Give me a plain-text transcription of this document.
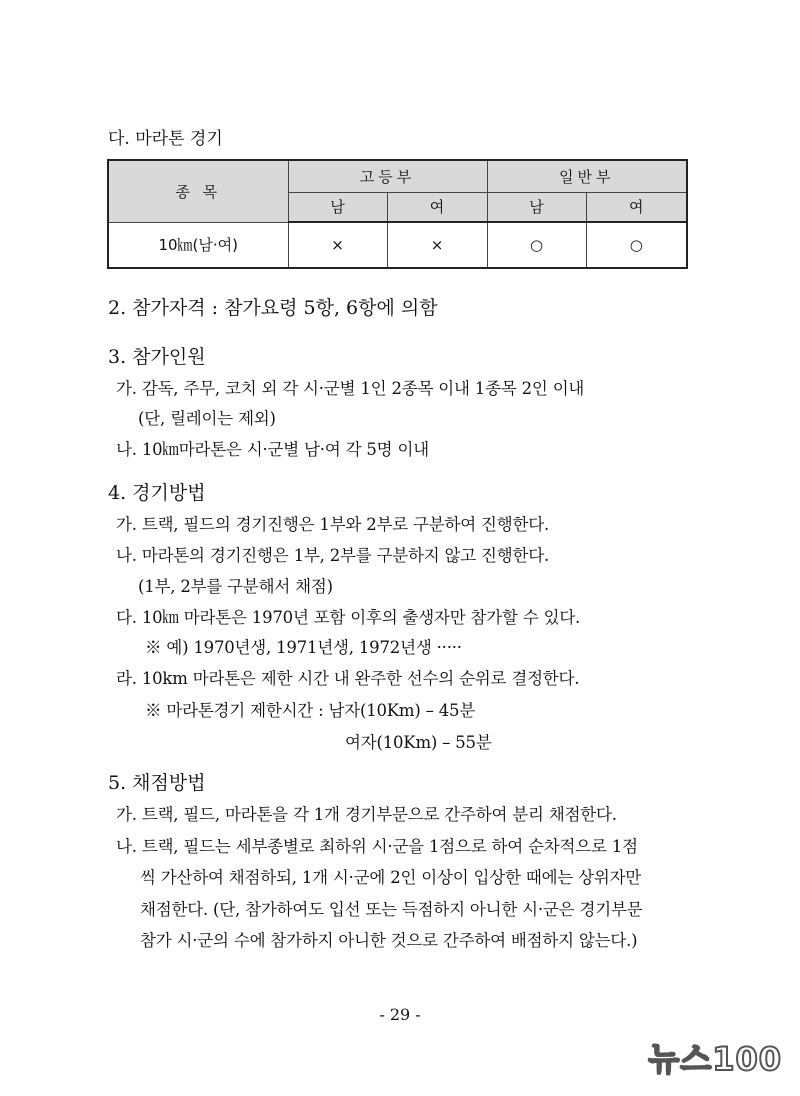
다. 마라톤 경기
종 목	고등부		일반부	
	남	여	남	여
10㎞(남·여)	×	×	○	○
2. 참가자격 : 참가요령 5항, 6항에 의함
3. 참가인원
가. 감독, 주무, 코치 외 각 시·군별 1인 2종목 이내 1종목 2인 이내
(단, 릴레이는 제외)
나. 10㎞마라톤은 시·군별 남·여 각 5명 이내
4. 경기방법
가. 트랙, 필드의 경기진행은 1부와 2부로 구분하여 진행한다.
나. 마라톤의 경기진행은 1부, 2부를 구분하지 않고 진행한다.
(1부, 2부를 구분해서 채점)
다. 10㎞ 마라톤은 1970년 포함 이후의 출생자만 참가할 수 있다.
※ 예) 1970년생, 1971년생, 1972년생 ·····
라. 10km 마라톤은 제한 시간 내 완주한 선수의 순위로 결정한다.
※ 마라톤경기 제한시간 : 남자(10Km) – 45분
여자(10Km) – 55분
5. 채점방법
가. 트랙, 필드, 마라톤을 각 1개 경기부문으로 간주하여 분리 채점한다.
나. 트랙, 필드는 세부종별로 최하위 시·군을 1점으로 하여 순차적으로 1점
씩 가산하여 채점하되, 1개 시·군에 2인 이상이 입상한 때에는 상위자만
채점한다. (단, 참가하여도 입선 또는 득점하지 아니한 시·군은 경기부문
참가 시·군의 수에 참가하지 아니한 것으로 간주하여 배점하지 않는다.)
- 29 -
뉴스100
